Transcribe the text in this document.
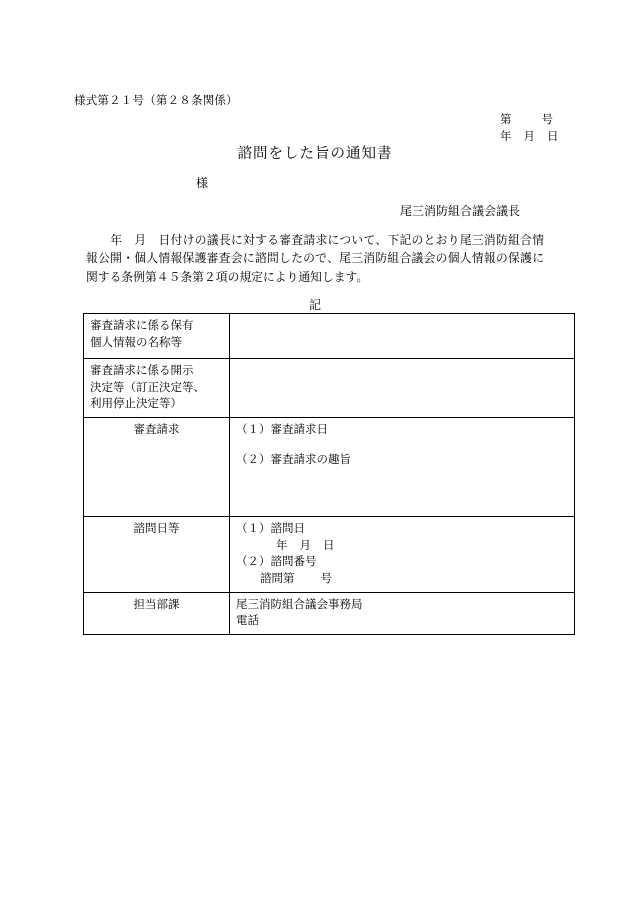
様式第２１号（第２８条関係）
第	号
年 月 日
諮問をした旨の通知書
様
尾三消防組合議会議長
年　月　日付けの議長に対する審査請求について、下記のとおり尾三消防組合情報公開・個人情報保護審査会に諮問したので、尾三消防組合議会の個人情報の保護に関する条例第４５条第２項の規定により通知します。
記
審査請求に係る保有
個人情報の名称等	

審査請求に係る開示
決定等（訂正決定等、
利用停止決定等）	

審査請求	（１）審査請求日
（２）審査請求の趣旨

諮問日等	（１）諮問日
年 月 日
（２）諮問番号
諮問第 号

担当部課	尾三消防組合議会事務局
電話
